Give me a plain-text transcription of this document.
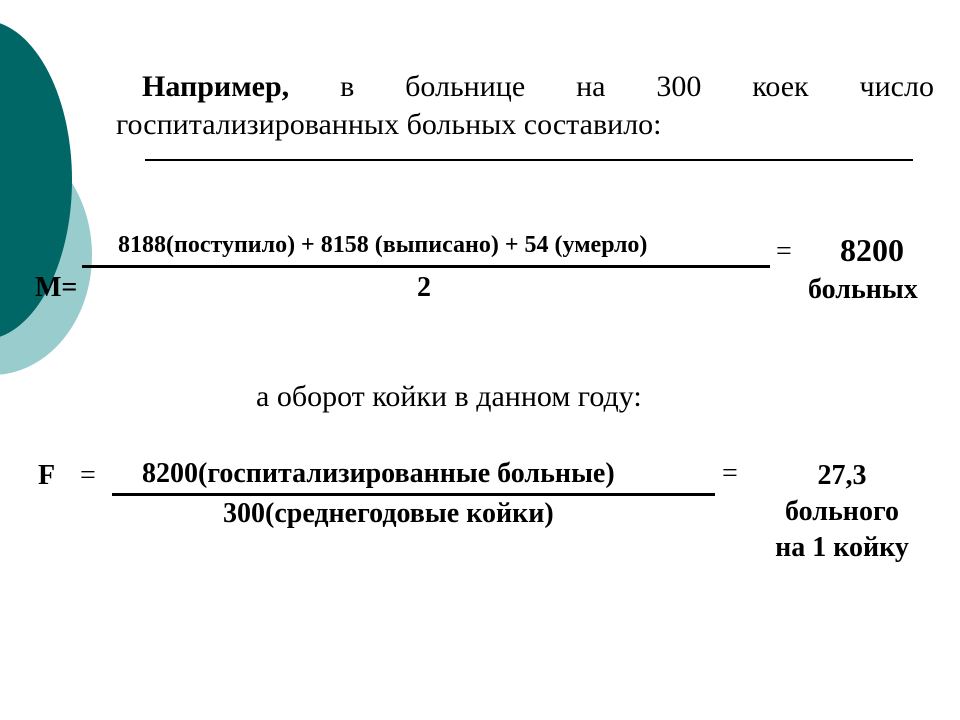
Например, в больнице на 300 коек число
госпитализированных больных составило:
M=
8188(поступило) + 8158 (выписано) + 54 (умерло)
2
= 8200
больных
а оборот койки в данном году:
F = 8200(госпитализированные больные)
300(среднегодовые койки)
=	27,3
больного
на 1 койку
